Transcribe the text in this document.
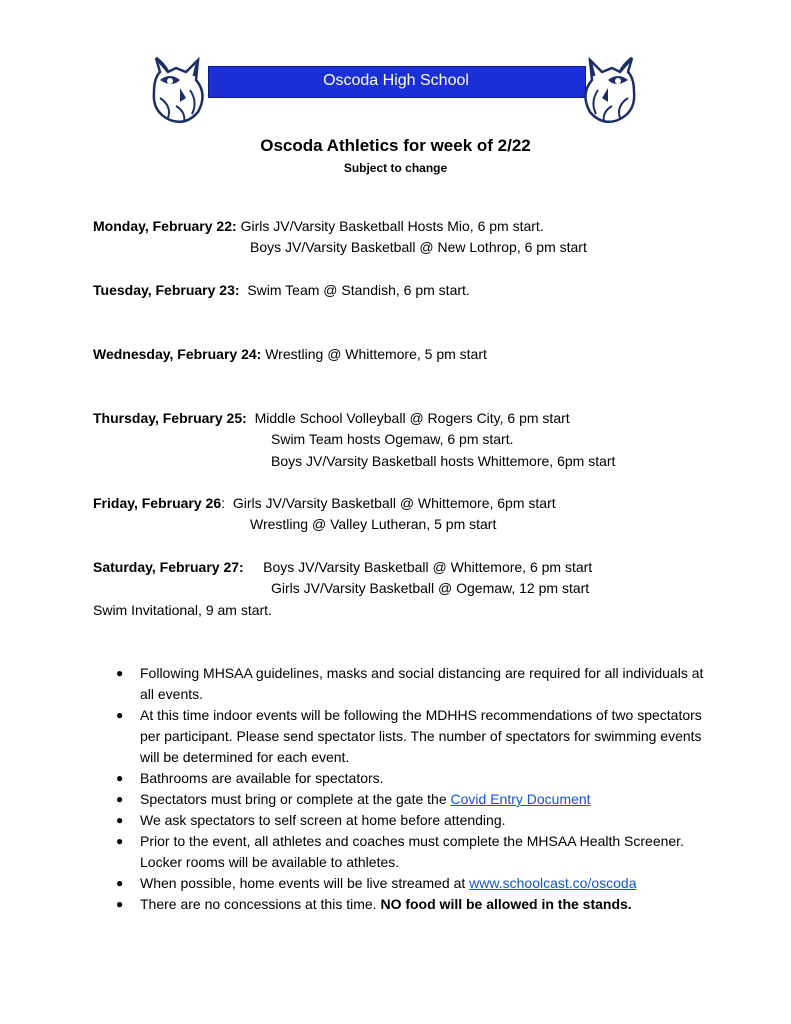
Oscoda High School
Oscoda Athletics for week of 2/22
Subject to change
Monday, February 22: Girls JV/Varsity Basketball Hosts Mio, 6 pm start.
Boys JV/Varsity Basketball @ New Lothrop, 6 pm start
Tuesday, February 23: Swim Team @ Standish, 6 pm start.
Wednesday, February 24: Wrestling @ Whittemore, 5 pm start
Thursday, February 25: Middle School Volleyball @ Rogers City, 6 pm start
Swim Team hosts Ogemaw, 6 pm start.
Boys JV/Varsity Basketball hosts Whittemore, 6pm start
Friday, February 26: Girls JV/Varsity Basketball @ Whittemore, 6pm start
Wrestling @ Valley Lutheran, 5 pm start
Saturday, February 27: Boys JV/Varsity Basketball @ Whittemore, 6 pm start
Girls JV/Varsity Basketball @ Ogemaw, 12 pm start
Swim Invitational, 9 am start.
● Following MHSAA guidelines, masks and social distancing are required for all individuals at all events.
● At this time indoor events will be following the MDHHS recommendations of two spectators per participant. Please send spectator lists. The number of spectators for swimming events will be determined for each event.
● Bathrooms are available for spectators.
● Spectators must bring or complete at the gate the Covid Entry Document
● We ask spectators to self screen at home before attending.
● Prior to the event, all athletes and coaches must complete the MHSAA Health Screener. Locker rooms will be available to athletes.
● When possible, home events will be live streamed at www.schoolcast.co/oscoda
● There are no concessions at this time. NO food will be allowed in the stands.
